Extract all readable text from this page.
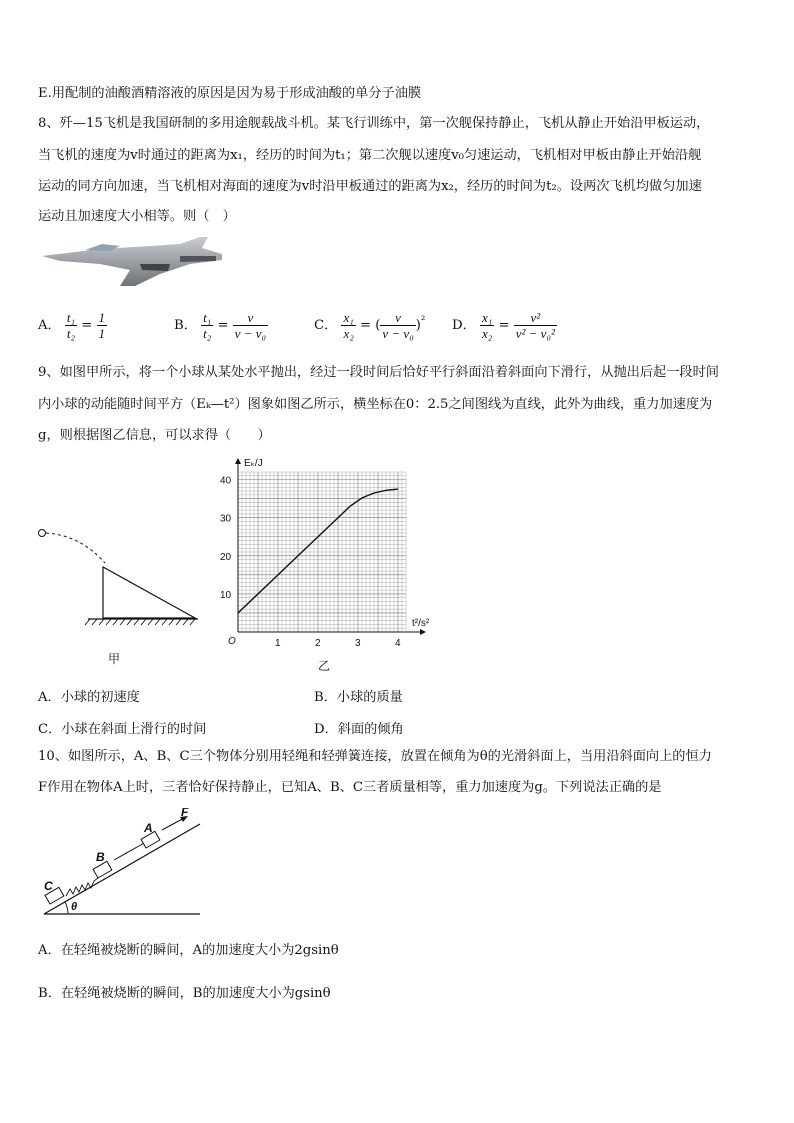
E.用配制的油酸酒精溶液的原因是因为易于形成油酸的单分子油膜
8、歼—15飞机是我国研制的多用途舰载战斗机。某飞行训练中，第一次舰保持静止，飞机从静止开始沿甲板运动，
当飞机的速度为v时通过的距离为x₁，经历的时间为t₁；第二次舰以速度v₀匀速运动，飞机相对甲板由静止开始沿舰
运动的同方向加速，当飞机相对海面的速度为v时沿甲板通过的距离为x₂，经历的时间为t₂。设两次飞机均做匀加速
运动且加速度大小相等。则（　）
A． $\frac{\text{t₁}}{\text{t₂}} = \frac{1}{1}$	B． $\frac{\text{t₁}}{\text{t₂}} = \frac{v}{\text{v − v₀}}$	C． $\frac{\text{x₁}}{\text{x₂}}$ = ( $\frac{v}{\text{v − v₀}} )^{^2}$ D． $\frac{\text{x₁}}{\text{x₂}} = \frac{\text{v²}}{\text{v² − v₀²}}$
9、如图甲所示，将一个小球从某处水平抛出，经过一段时间后恰好平行斜面沿着斜面向下滑行，从抛出后起一段时间
内小球的动能随时间平方（Eₖ—t²）图象如图乙所示，横坐标在0：2.5之间图线为直线，此外为曲线，重力加速度为
g，则根据图乙信息，可以求得（　　）
甲
1	2	3	4
10
20
30
40
Eₖ/J
t²/s²
O
乙
A．小球的初速度	B．小球的质量
C．小球在斜面上滑行的时间	D．斜面的倾角
10、如图所示，A、B、C三个物体分别用轻绳和轻弹簧连接，放置在倾角为θ的光滑斜面上，当用沿斜面向上的恒力
F作用在物体A上时，三者恰好保持静止，已知A、B、C三者质量相等，重力加速度为g。下列说法正确的是
θ
C
B
A
F
A．在轻绳被烧断的瞬间，A的加速度大小为2gsinθ
B．在轻绳被烧断的瞬间，B的加速度大小为gsinθ
